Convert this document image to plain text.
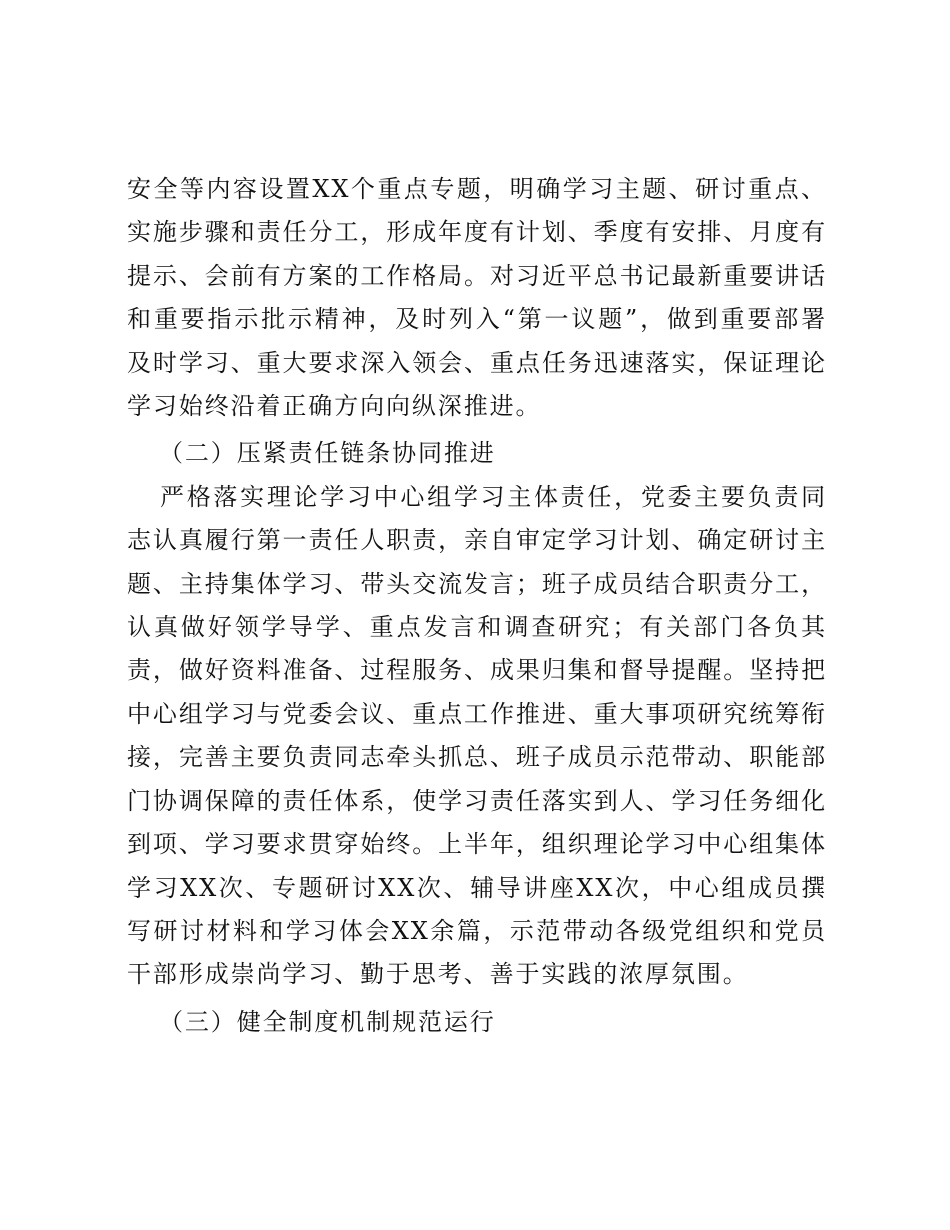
安全等内容设置XX个重点专题，明确学习主题、研讨重点、实施步骤和责任分工，形成年度有计划、季度有安排、月度有提示、会前有方案的工作格局。对习近平总书记最新重要讲话和重要指示批示精神，及时列入“第一议题”，做到重要部署及时学习、重大要求深入领会、重点任务迅速落实，保证理论学习始终沿着正确方向向纵深推进。

（二）压紧责任链条协同推进

严格落实理论学习中心组学习主体责任，党委主要负责同志认真履行第一责任人职责，亲自审定学习计划、确定研讨主题、主持集体学习、带头交流发言；班子成员结合职责分工，认真做好领学导学、重点发言和调查研究；有关部门各负其责，做好资料准备、过程服务、成果归集和督导提醒。坚持把中心组学习与党委会议、重点工作推进、重大事项研究统筹衔接，完善主要负责同志牵头抓总、班子成员示范带动、职能部门协调保障的责任体系，使学习责任落实到人、学习任务细化到项、学习要求贯穿始终。上半年，组织理论学习中心组集体学习XX次、专题研讨XX次、辅导讲座XX次，中心组成员撰写研讨材料和学习体会XX余篇，示范带动各级党组织和党员干部形成崇尚学习、勤于思考、善于实践的浓厚氛围。

（三）健全制度机制规范运行
